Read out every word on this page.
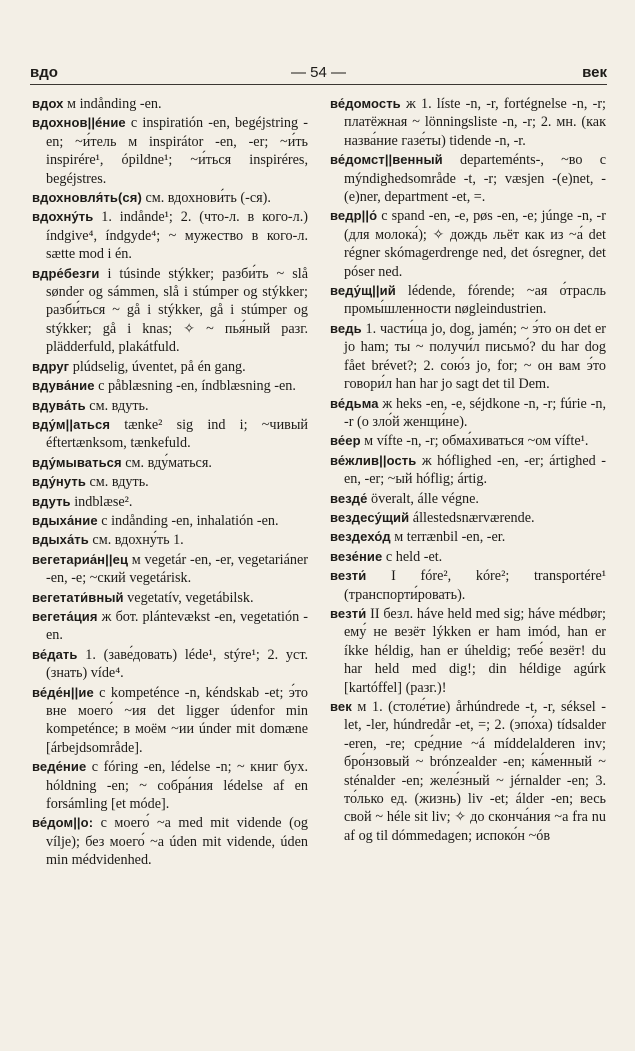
вдо	— 54 —	век

вдох м indånding -en.

вдохнов||éние с inspiratión -en, begéjstring -en; ~и́тель м inspirátor -en, -er; ~и́ть inspirére¹, ópildne¹; ~и́ться inspiréres, begéjstres.

вдохновля́ть(ся) см. вдохнови́ть (-ся).

вдохну́ть 1. indånde¹; 2. (что-л. в кого-л.) índgive⁴, índgyde⁴; ~ мужество в кого-л. sætte mod i én.

вдре́безги i túsinde stýkker; разби́ть ~ slå sønder og sámmen, slå i stúmper og stýkker; разби́ться ~ gå i stýkker, gå i stúmper og stýkker; gå i knas; ✧ ~ пья́ный разг. plädderfuld, plakátfuld.

вдруг plúdselig, úventet, på én gang.

вдува́ние с påblæsning -en, índblæsning -en.

вдува́ть см. вдуть.

вду́м||аться tænke² sig ind i; ~чивый éftertænksom, tænkefuld.

вду́мываться см. вду́маться.

вду́нуть см. вдуть.

вдуть indblæse².

вдыха́ние с indånding -en, inhalatión -en.

вдыха́ть см. вдохну́ть 1.

вегетариа́н||ец м vegetár -en, -er, vegetariáner -en, -e; ~ский vegetárisk.

вегетати́вный vegetatív, vegetábilsk.

вегета́ция ж бот. plántevækst -en, vegetatión -en.

ве́дать 1. (заве́довать) léde¹, stýre¹; 2. уст. (знать) víde⁴.

ве́де́н||ие с kompeténce -n, kéndskab -et; э́то вне моего́ ~ия det ligger údenfor min kompeténce; в моём ~ии únder mit domæne [árbejdsområde].

веде́ние с fóring -en, lédelse -n; ~ книг бух. hóldning -en; ~ собра́ния lédelse af en forsámling [et móde].

ве́дом||о: с моего́ ~а med mit vidende (og vílje); без моего́ ~а úden mit vidende, úden min médvidenhed.

ве́домость ж 1. líste -n, -r, fortégnelse -n, -r; платёжная ~ lönningsliste -n, -r; 2. мн. (как назва́ние газе́ты) tidende -n, -r.

ве́домст||венный departeménts-, ~во с mýndighedsområde -t, -r; væsjen -(e)net, -(e)ner, department -et, =.

ведр||о́ с spand -en, -e, pøs -en, -e; júnge -n, -r (для молока́); ✧ дождь льёт как из ~а́ det régner skómagerdrenge ned, det ósregner, det póser ned.

веду́щ||ий lédende, fórende; ~ая о́трасль промы́шленности nøgleindustrien.

ведь 1. части́ца jo, dog, jamén; ~ э́то он det er jo ham; ты ~ получи́л письмо́? du har dog fået brévet?; 2. сою́з jo, for; ~ он вам э́то говори́л han har jo sagt det til Dem.

ве́дьма ж heks -en, -e, séjdkone -n, -r; fúrie -n, -r (о зло́й женщи́не).

ве́ер м vífte -n, -r; обма́хиваться ~ом vífte¹.

ве́жлив||ость ж hóflighed -en, -er; ártighed -en, -er; ~ый hóflig; ártig.

везде́ överalt, álle végne.

вездесу́щий állestedsnærværende.

вездехо́д м terrænbil -en, -er.

везе́ние с held -et.

везти́ I fóre², kóre²; transportére¹ (транспорти́ровать).

везти́ II безл. háve held med sig; háve médbør; ему́ не везёт lýkken er ham imód, han er íkke héldig, han er úheldig; тебе́ везёт! du har held med dig!; din héldige agúrk [kartóffel] (разг.)!

век м 1. (столе́тие) århúndrede -t, -r, séksel -let, -ler, húndredår -et, =; 2. (эпо́ха) tídsalder -eren, -re; сре́дние ~á míddelalderen inv; бро́нзовый ~ brónzealder -en; ка́менный ~ sténalder -en; желе́зный ~ jérnalder -en; 3. то́лько ед. (жизнь) liv -et; álder -en; весь свой ~ héle sit liv; ✧ до сконча́ния ~а fra nu af og til dómmedagen; испоко́н ~óв
